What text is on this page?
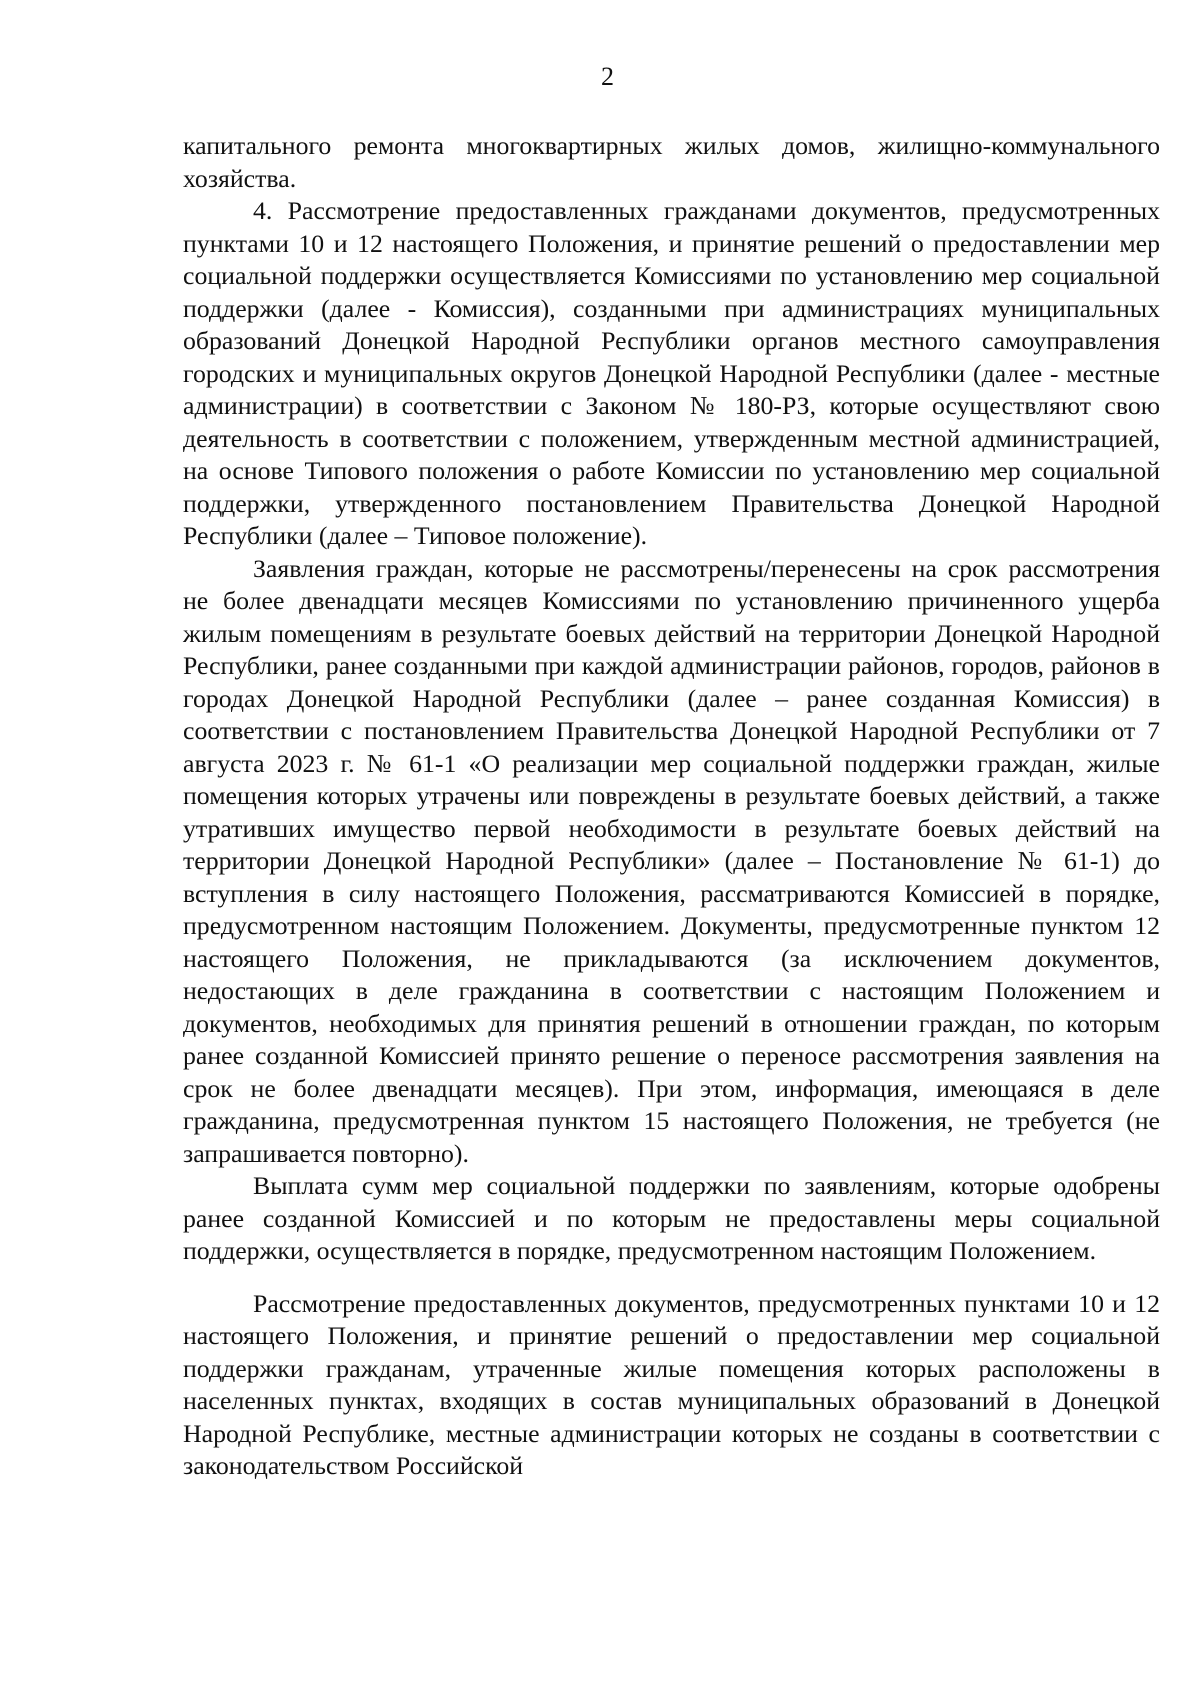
2

капитального ремонта многоквартирных жилых домов, жилищно-коммунального хозяйства.

4. Рассмотрение предоставленных гражданами документов, предусмотренных пунктами 10 и 12 настоящего Положения, и принятие решений о предоставлении мер социальной поддержки осуществляется Комиссиями по установлению мер социальной поддержки (далее - Комиссия), созданными при администрациях муниципальных образований Донецкой Народной Республики органов местного самоуправления городских и муниципальных округов Донецкой Народной Республики (далее - местные администрации) в соответствии с Законом № 180-РЗ, которые осуществляют свою деятельность в соответствии с положением, утвержденным местной администрацией, на основе Типового положения о работе Комиссии по установлению мер социальной поддержки, утвержденного постановлением Правительства Донецкой Народной Республики (далее – Типовое положение).

Заявления граждан, которые не рассмотрены/перенесены на срок рассмотрения не более двенадцати месяцев Комиссиями по установлению причиненного ущерба жилым помещениям в результате боевых действий на территории Донецкой Народной Республики, ранее созданными при каждой администрации районов, городов, районов в городах Донецкой Народной Республики (далее – ранее созданная Комиссия) в соответствии с постановлением Правительства Донецкой Народной Республики от 7 августа 2023 г. № 61-1 «О реализации мер социальной поддержки граждан, жилые помещения которых утрачены или повреждены в результате боевых действий, а также утративших имущество первой необходимости в результате боевых действий на территории Донецкой Народной Республики» (далее – Постановление № 61-1) до вступления в силу настоящего Положения, рассматриваются Комиссией в порядке, предусмотренном настоящим Положением. Документы, предусмотренные пунктом 12 настоящего Положения, не прикладываются (за исключением документов, недостающих в деле гражданина в соответствии с настоящим Положением и документов, необходимых для принятия решений в отношении граждан, по которым ранее созданной Комиссией принято решение о переносе рассмотрения заявления на срок не более двенадцати месяцев). При этом, информация, имеющаяся в деле гражданина, предусмотренная пунктом 15 настоящего Положения, не требуется (не запрашивается повторно).

Выплата сумм мер социальной поддержки по заявлениям, которые одобрены ранее созданной Комиссией и по которым не предоставлены меры социальной поддержки, осуществляется в порядке, предусмотренном настоящим Положением.

Рассмотрение предоставленных документов, предусмотренных пунктами 10 и 12 настоящего Положения, и принятие решений о предоставлении мер социальной поддержки гражданам, утраченные жилые помещения которых расположены в населенных пунктах, входящих в состав муниципальных образований в Донецкой Народной Республике, местные администрации которых не созданы в соответствии с законодательством Российской
